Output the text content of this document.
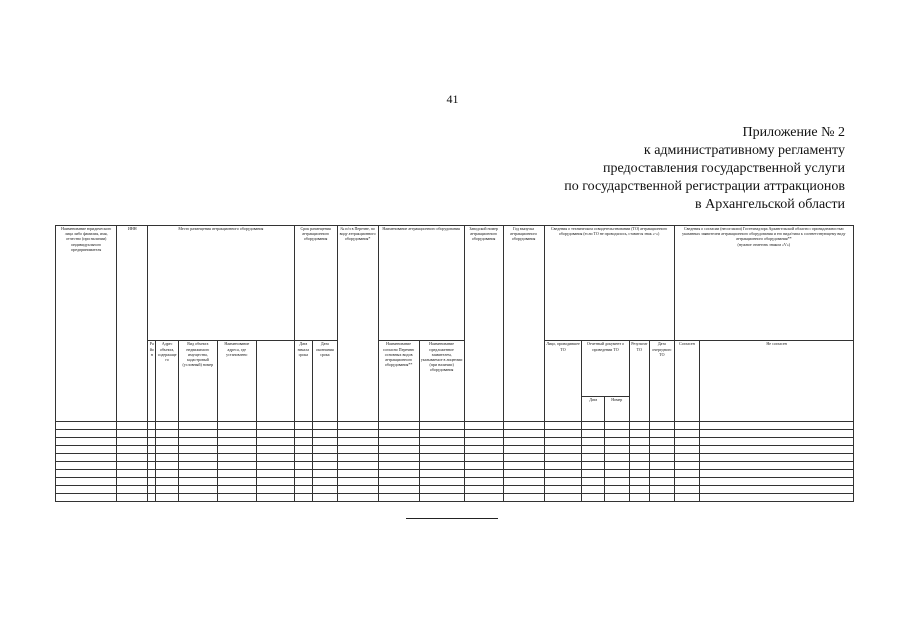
41
Приложение № 2
к административному регламенту
предоставления государственной услуги
по государственной регистрации аттракционов
в Архангельской области
Наименование юридического лица либо фамилия, имя, отчество (при наличии) индивидуального предпринимателя	ИНН	Место размещения аттракционного оборудования					Срок размещения аттракционного оборудования		№ п/п в Перечне, по виду аттракционного оборудования*	Наименование аттракционного оборудования		Заводской номер аттракционного оборудования	Год выпуска аттракционного оборудования	Сведения о техническом освидетельствовании (ТО) аттракционного оборудования (если ТО не проводилось, ставится знак «-»)					Сведения о согласии (несогласии) Гостехнадзора Архангельской области с принадлежностью указанных заявителем аттракционного оборудования и его вида/типа к соответствующему виду аттракционного оборудования**
(нужное отметить знаком «V»)	

		Район	Адрес объекта, содержащего	Вид объекта недвижимого имущества, кадастровый (условный) номер	Наименование адреса, где установлено		Дата начала срока	Дата окончания срока		Наименование согласно Перечню основных видов аттракционного оборудования**	Наименование предложенное заявителем, указываемое в лицензии (при наличии) оборудования			Лицо, проводившее ТО	Отчетный документ о проведении ТО		Результат ТО	Дата очередного ТО	Согласен	Не согласен
															Дата	Номер				
